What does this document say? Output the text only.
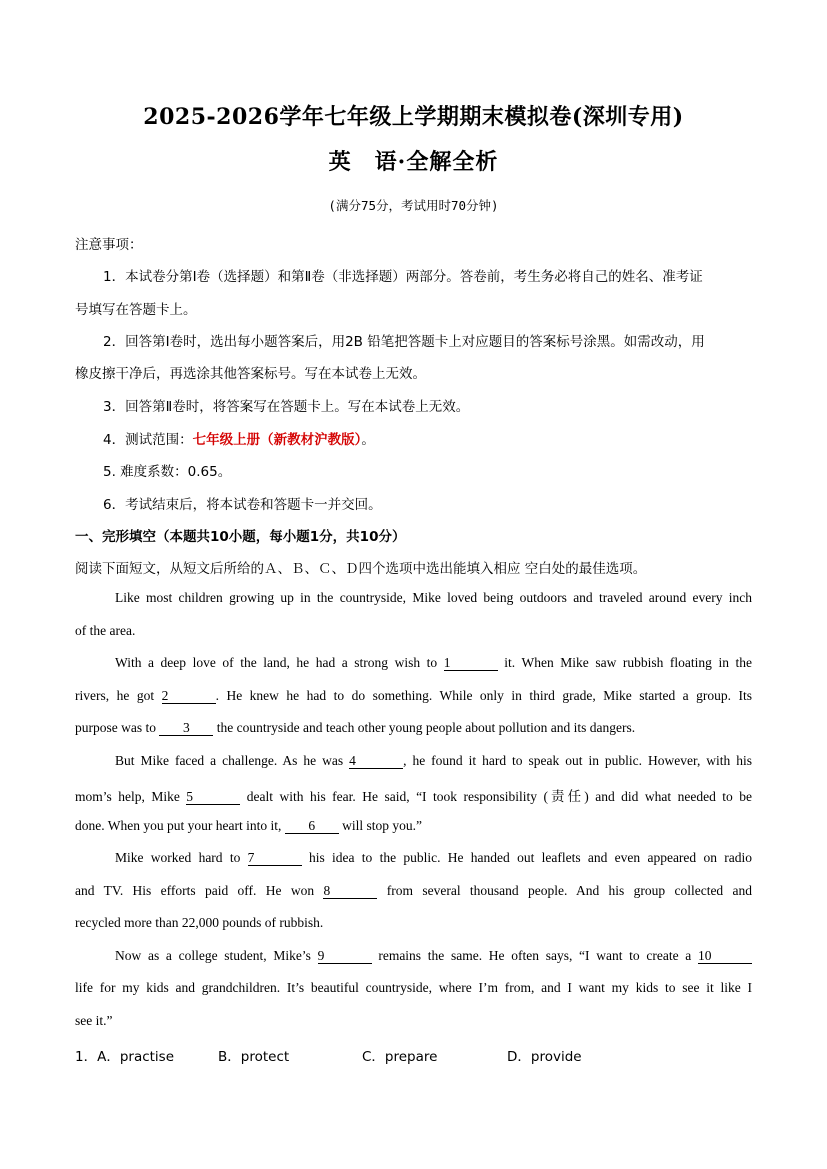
2025-2026学年七年级上学期期末模拟卷(深圳专用)
英　语·全解全析
(满分75分，考试用时70分钟)
注意事项：
1．本试卷分第Ⅰ卷（选择题）和第Ⅱ卷（非选择题）两部分。答卷前，考生务必将自己的姓名、准考证
号填写在答题卡上。
2．回答第Ⅰ卷时，选出每小题答案后，用2B 铅笔把答题卡上对应题目的答案标号涂黑。如需改动，用
橡皮擦干净后，再选涂其他答案标号。写在本试卷上无效。
3．回答第Ⅱ卷时，将答案写在答题卡上。写在本试卷上无效。
4．测试范围：七年级上册（新教材沪教版）。
5. 难度系数：0.65。
6．考试结束后，将本试卷和答题卡一并交回。
一、完形填空（本题共10小题，每小题1分，共10分）
阅读下面短文，从短文后所给的Ａ、Ｂ、Ｃ、Ｄ四个选项中选出能填入相应 空白处的最佳选项。
Like most children growing up in the countryside, Mike loved being outdoors and traveled around every inch
of the area.
With a deep love of the land, he had a strong wish to 1	it. When Mike saw rubbish floating in the
rivers, he got 2	. He knew he had to do something. While only in third grade, Mike started a group. Its
purpose was to 3 the countryside and teach other young people about pollution and its dangers.
But Mike faced a challenge. As he was 4	, he found it hard to speak out in public. However, with his
mom’s help, Mike 5	dealt with his fear. He said, “I took responsibility (责任) and did what needed to be
done. When you put your heart into it, 6 will stop you.”
Mike worked hard to 7	his idea to the public. He handed out leaflets and even appeared on radio
and TV. His efforts paid off. He won 8	from several thousand people. And his group collected and
recycled more than 22,000 pounds of rubbish.
Now as a college student, Mike’s 9	remains the same. He often says, “I want to create a 10
life for my kids and grandchildren. It’s beautiful countryside, where I’m from, and I want my kids to see it like I
see it.”
1．A．practise	B．protect	C．prepare	D．provide
